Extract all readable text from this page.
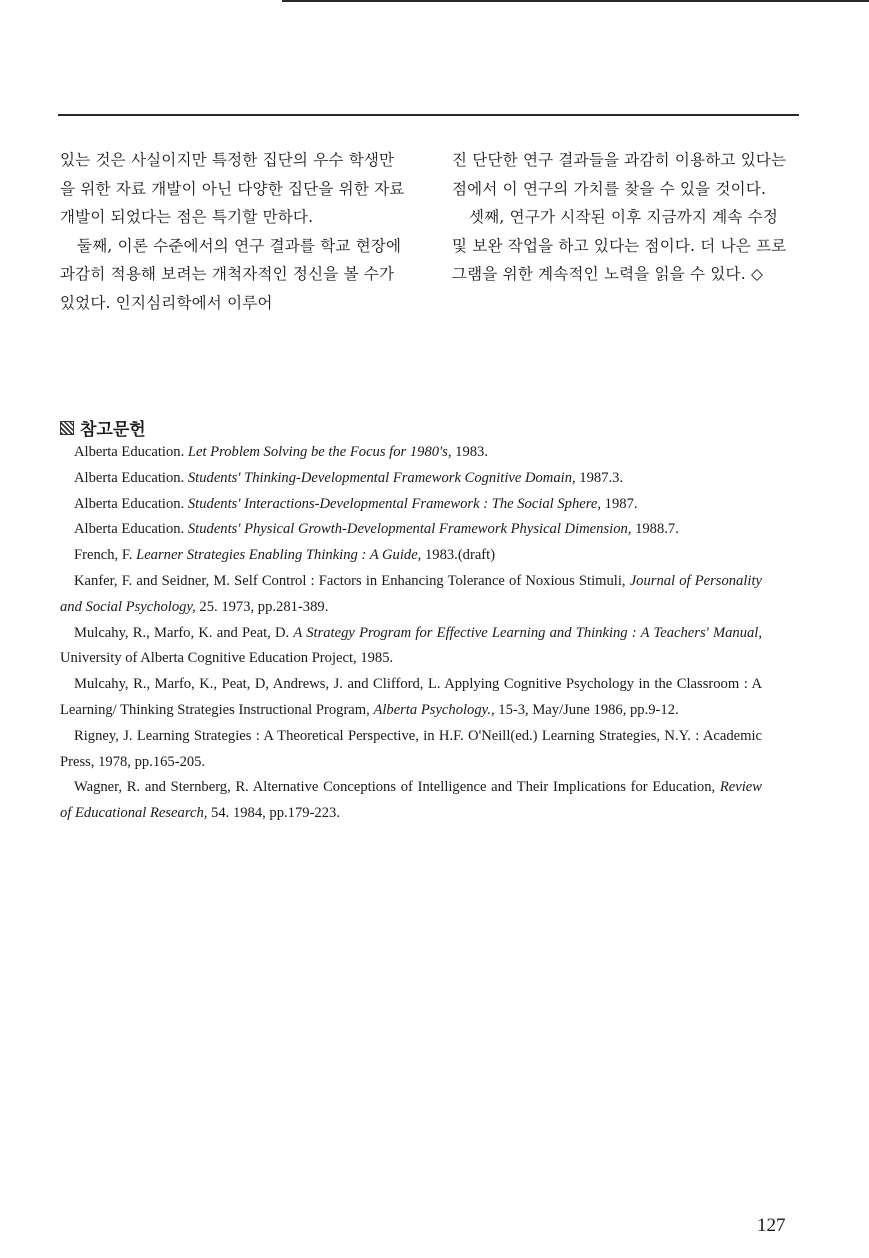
있는 것은 사실이지만 특정한 집단의 우수 학생만을 위한 자료 개발이 아닌 다양한 집단을 위한 자료 개발이 되었다는 점은 특기할 만하다.

둘째, 이론 수준에서의 연구 결과를 학교 현장에 과감히 적용해 보려는 개척자적인 정신을 볼 수가 있었다. 인지심리학에서 이루어

진 단단한 연구 결과들을 과감히 이용하고 있다는 점에서 이 연구의 가치를 찾을 수 있을 것이다.

셋째, 연구가 시작된 이후 지금까지 계속 수정 및 보완 작업을 하고 있다는 점이다. 더 나은 프로그램을 위한 계속적인 노력을 읽을 수 있다. ◇

참고문헌

Alberta Education. Let Problem Solving be the Focus for 1980's, 1983.

Alberta Education. Students' Thinking-Developmental Framework Cognitive Domain, 1987.3.

Alberta Education. Students' Interactions-Developmental Framework : The Social Sphere, 1987.

Alberta Education. Students' Physical Growth-Developmental Framework Physical Dimension, 1988.7.

French, F. Learner Strategies Enabling Thinking : A Guide, 1983.(draft)

Kanfer, F. and Seidner, M. Self Control : Factors in Enhancing Tolerance of Noxious Stimuli, Journal of Personality and Social Psychology, 25. 1973, pp.281-389.

Mulcahy, R., Marfo, K. and Peat, D. A Strategy Program for Effective Learning and Thinking : A Teachers' Manual, University of Alberta Cognitive Education Project, 1985.

Mulcahy, R., Marfo, K., Peat, D, Andrews, J. and Clifford, L. Applying Cognitive Psychology in the Classroom : A Learning/ Thinking Strategies Instructional Program, Alberta Psychology., 15-3, May/June 1986, pp.9-12.

Rigney, J. Learning Strategies : A Theoretical Perspective, in H.F. O'Neill(ed.) Learning Strategies, N.Y. : Academic Press, 1978, pp.165-205.

Wagner, R. and Sternberg, R. Alternative Conceptions of Intelligence and Their Implications for Education, Review of Educational Research, 54. 1984, pp.179-223.

127
